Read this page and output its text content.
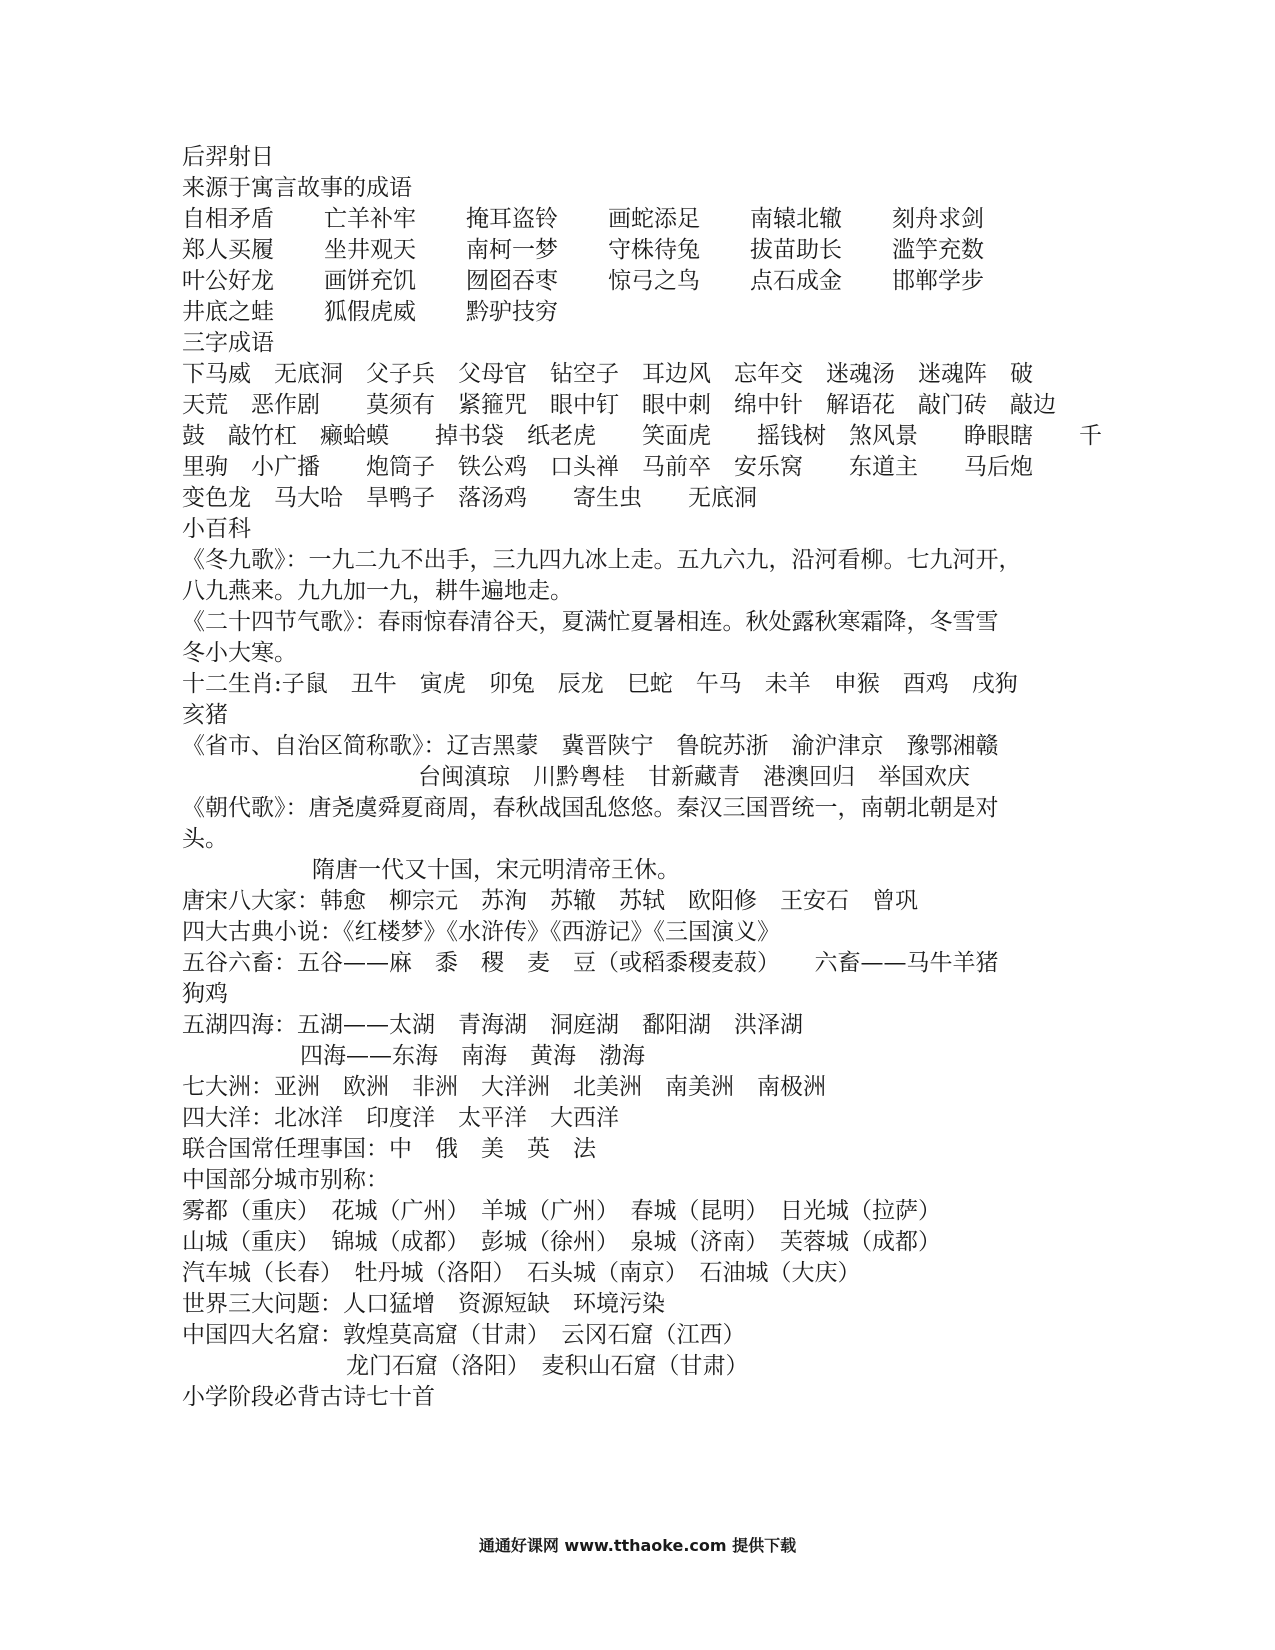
后羿射日
来源于寓言故事的成语
自相矛盾 亡羊补牢 掩耳盗铃 画蛇添足 南辕北辙 刻舟求剑
郑人买履 坐井观天 南柯一梦 守株待兔 拔苗助长 滥竽充数
叶公好龙 画饼充饥 囫囵吞枣 惊弓之鸟 点石成金 邯郸学步
井底之蛙 狐假虎威 黔驴技穷
三字成语
下马威　无底洞　父子兵　父母官　钻空子　耳边风　忘年交　迷魂汤　迷魂阵　破
天荒　恶作剧　　莫须有　紧箍咒　眼中钉　眼中刺　绵中针　解语花　敲门砖　敲边
鼓　敲竹杠　癞蛤蟆　　掉书袋　纸老虎　　笑面虎　　摇钱树　煞风景　　睁眼瞎　　千
里驹　小广播　　炮筒子　铁公鸡　口头禅　马前卒　安乐窝　　东道主　　马后炮
变色龙　马大哈　旱鸭子　落汤鸡　　寄生虫　　无底洞
小百科
《冬九歌》：一九二九不出手，三九四九冰上走。五九六九，沿河看柳。七九河开，
八九燕来。九九加一九，耕牛遍地走。
《二十四节气歌》：春雨惊春清谷天，夏满忙夏暑相连。秋处露秋寒霜降，冬雪雪
冬小大寒。
十二生肖:子鼠　丑牛　寅虎　卯兔　辰龙　巳蛇　午马　未羊　申猴　酉鸡　戌狗
亥猪
《省市、自治区简称歌》：辽吉黑蒙　冀晋陕宁　鲁皖苏浙　渝沪津京　豫鄂湘赣
台闽滇琼　川黔粤桂　甘新藏青　港澳回归　举国欢庆
《朝代歌》：唐尧虞舜夏商周，春秋战国乱悠悠。秦汉三国晋统一，南朝北朝是对
头。
隋唐一代又十国，宋元明清帝王休。
唐宋八大家：韩愈　柳宗元　苏洵　苏辙　苏轼　欧阳修　王安石　曾巩
四大古典小说：《红楼梦》《水浒传》《西游记》《三国演义》
五谷六畜：五谷——麻　黍　稷　麦　豆（或稻黍稷麦菽）　　六畜——马牛羊猪
狗鸡
五湖四海：五湖——太湖　青海湖　洞庭湖　鄱阳湖　洪泽湖
四海——东海　南海　黄海　渤海
七大洲：亚洲　欧洲　非洲　大洋洲　北美洲　南美洲　南极洲
四大洋：北冰洋　印度洋　太平洋　大西洋
联合国常任理事国：中　俄　美　英　法
中国部分城市别称：
雾都（重庆）　花城（广州）　羊城（广州）　春城（昆明）　日光城（拉萨）
山城（重庆）　锦城（成都）　彭城（徐州）　泉城（济南）　芙蓉城（成都）
汽车城（长春）　牡丹城（洛阳）　石头城（南京）　石油城（大庆）
世界三大问题：人口猛增　资源短缺　环境污染
中国四大名窟：敦煌莫高窟（甘肃）　云冈石窟（江西）
龙门石窟（洛阳）　麦积山石窟（甘肃）
小学阶段必背古诗七十首
通通好课网 www.tthaoke.com 提供下载
